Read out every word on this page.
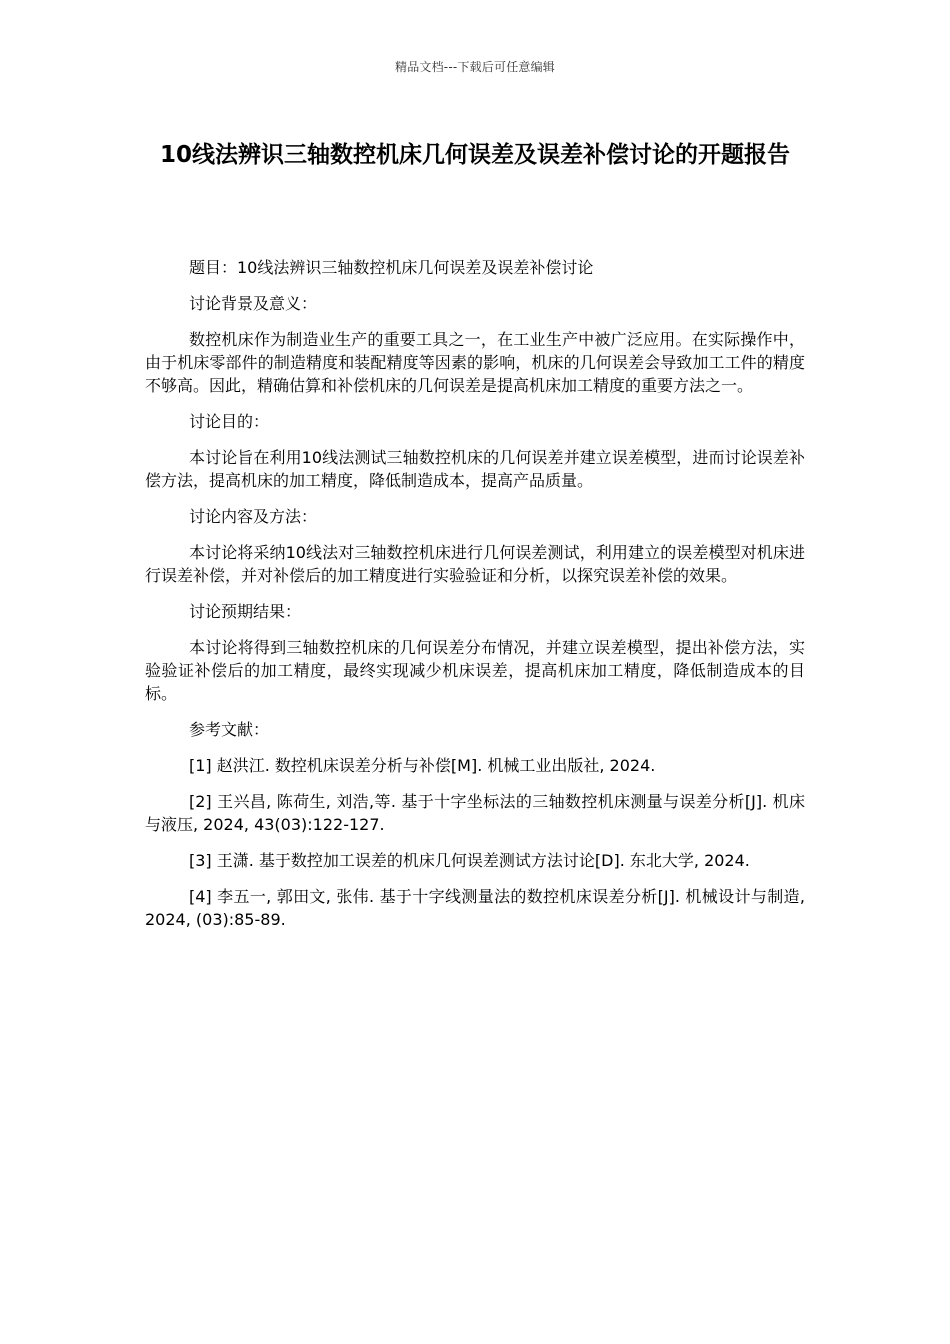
精品文档---下载后可任意编辑
10线法辨识三轴数控机床几何误差及误差补偿讨论的开题报告

题目：10线法辨识三轴数控机床几何误差及误差补偿讨论

讨论背景及意义：

数控机床作为制造业生产的重要工具之一，在工业生产中被广泛应用。在实际操作中，由于机床零部件的制造精度和装配精度等因素的影响，机床的几何误差会导致加工工件的精度不够高。因此，精确估算和补偿机床的几何误差是提高机床加工精度的重要方法之一。

讨论目的：

本讨论旨在利用10线法测试三轴数控机床的几何误差并建立误差模型，进而讨论误差补偿方法，提高机床的加工精度，降低制造成本，提高产品质量。

讨论内容及方法：

本讨论将采纳10线法对三轴数控机床进行几何误差测试，利用建立的误差模型对机床进行误差补偿，并对补偿后的加工精度进行实验验证和分析，以探究误差补偿的效果。

讨论预期结果：

本讨论将得到三轴数控机床的几何误差分布情况，并建立误差模型，提出补偿方法，实验验证补偿后的加工精度，最终实现减少机床误差，提高机床加工精度，降低制造成本的目标。

参考文献：

[1] 赵洪江. 数控机床误差分析与补偿[M]. 机械工业出版社, 2024.

[2] 王兴昌, 陈荷生, 刘浩,等. 基于十字坐标法的三轴数控机床测量与误差分析[J]. 机床与液压, 2024, 43(03):122-127.

[3] 王潇. 基于数控加工误差的机床几何误差测试方法讨论[D]. 东北大学, 2024.

[4] 李五一, 郭田文, 张伟. 基于十字线测量法的数控机床误差分析[J]. 机械设计与制造, 2024, (03):85-89.
